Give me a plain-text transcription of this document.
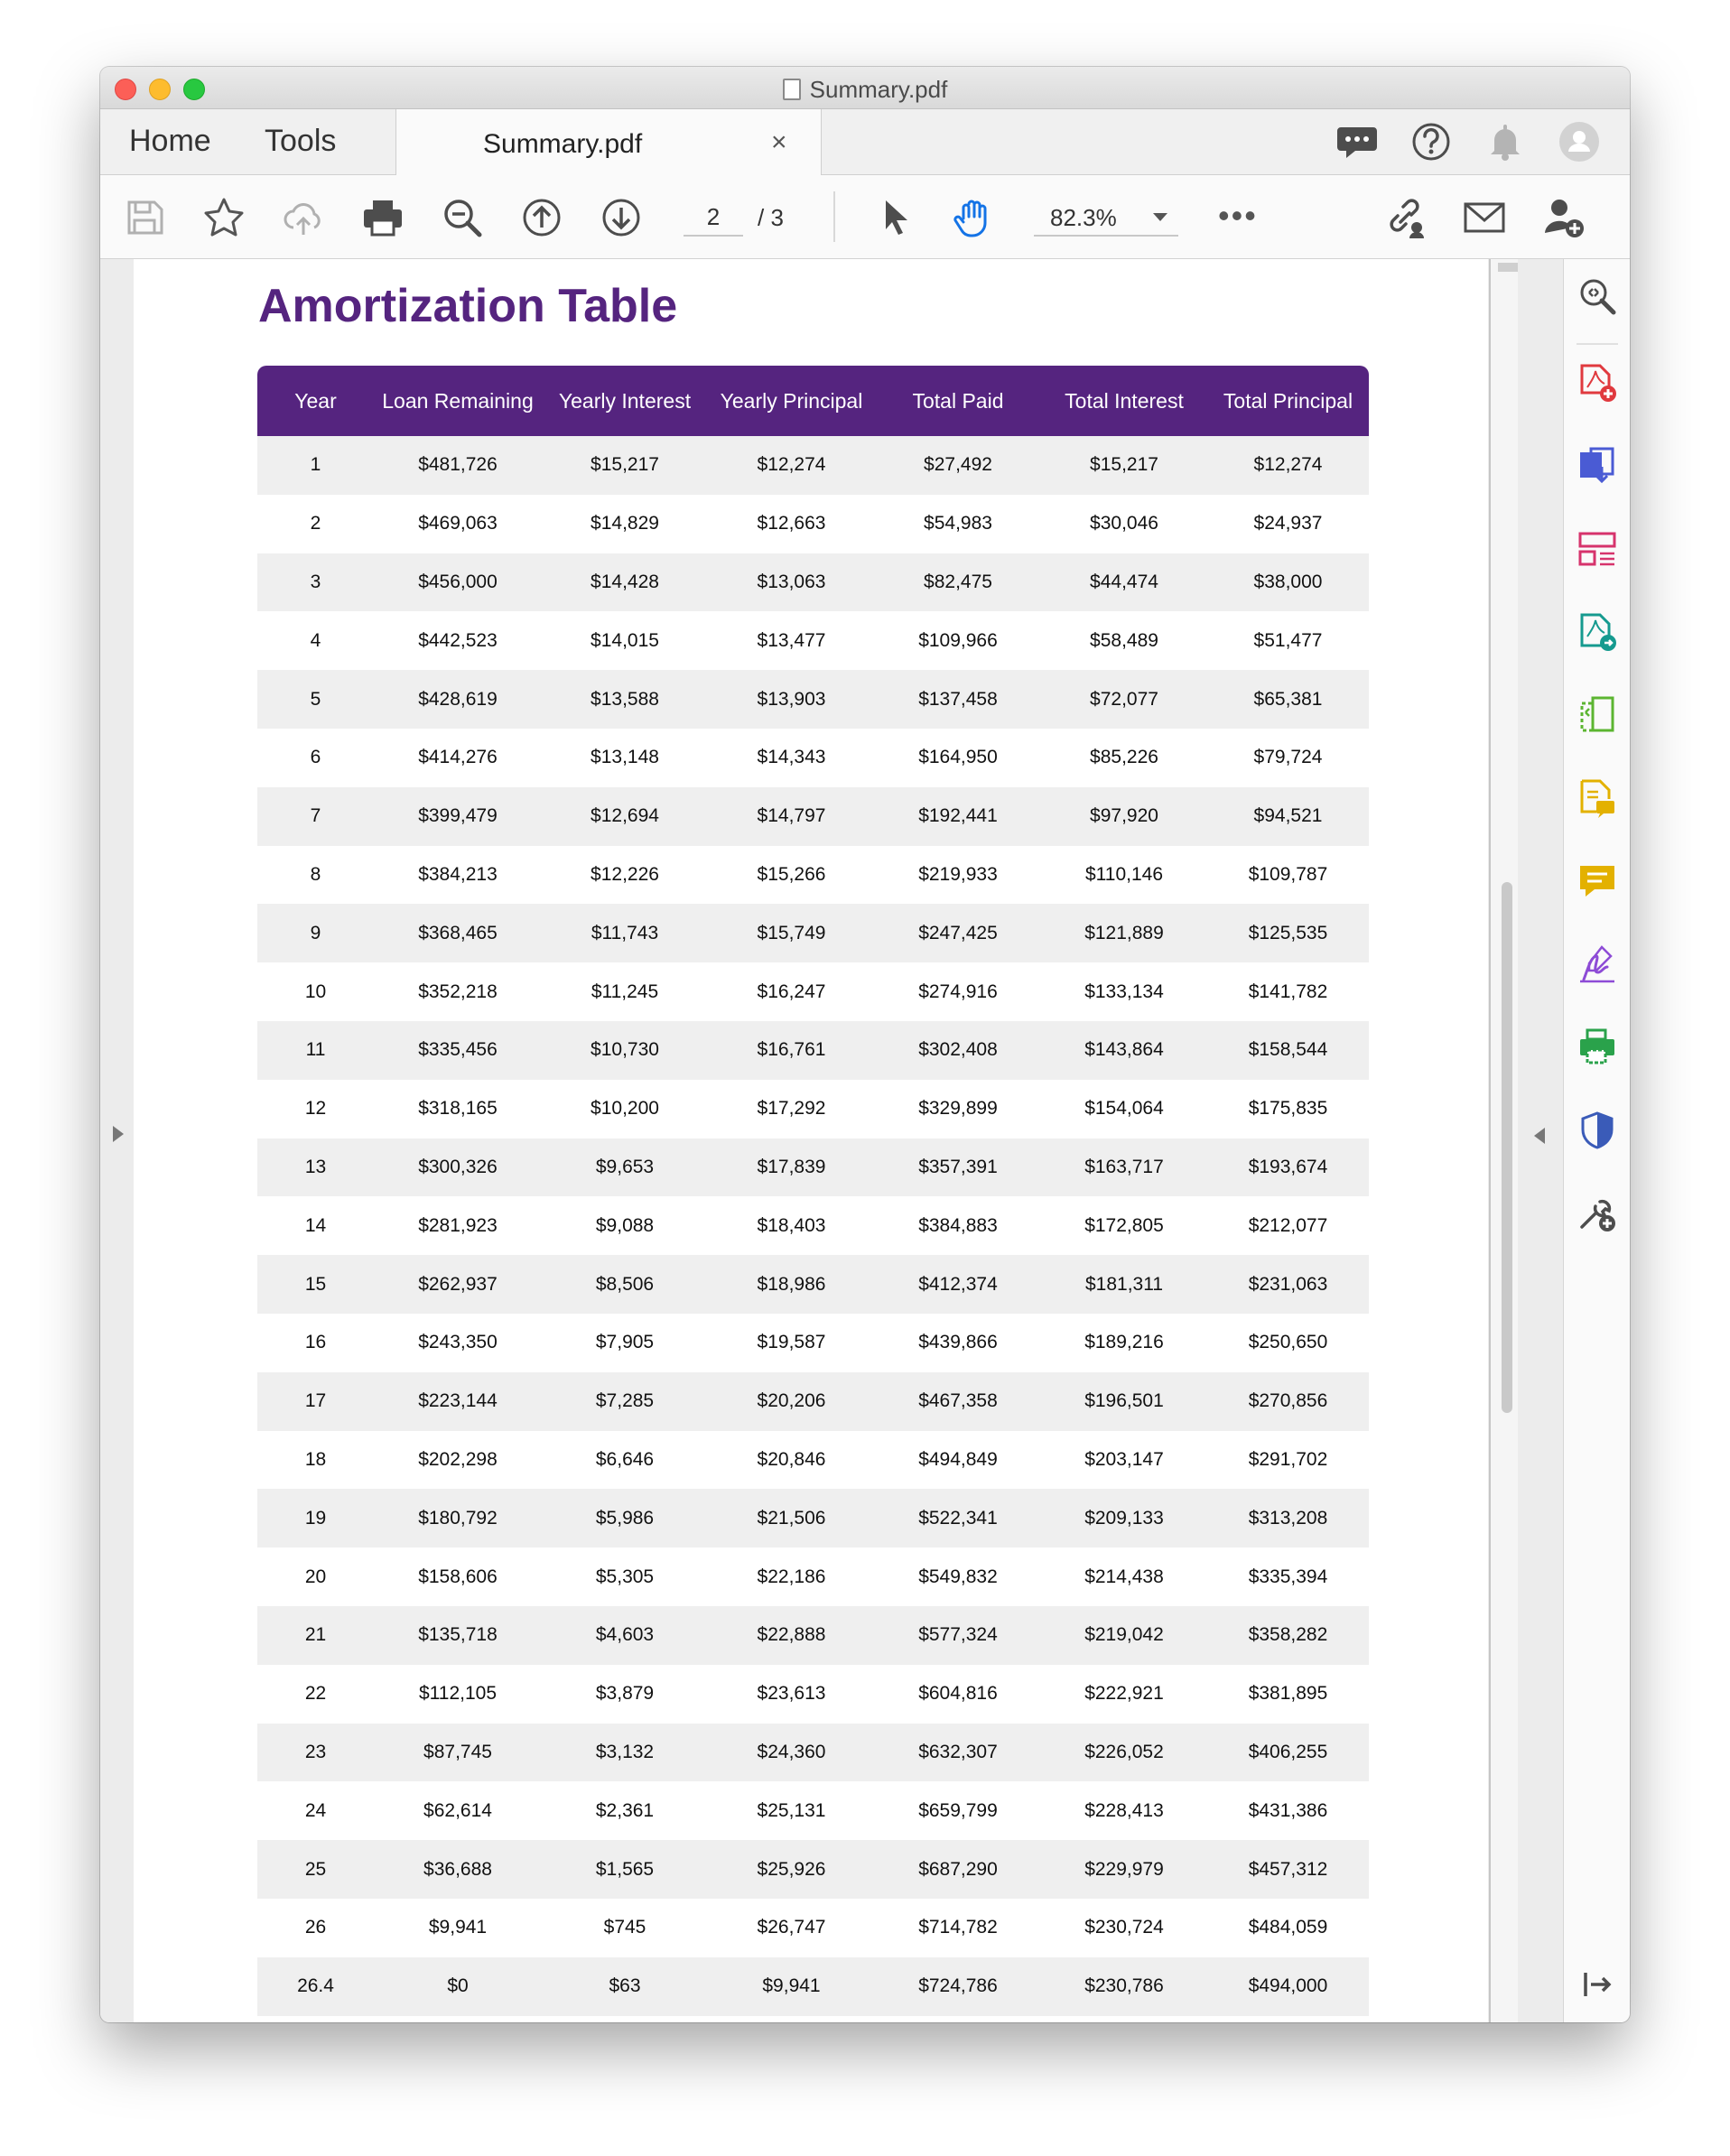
Summary.pdf
Home Tools	Summary.pdf	×
2	/ 3	82.3%	•••
Amortization Table
Year	Loan Remaining	Yearly Interest	Yearly Principal	Total Paid	Total Interest	Total Principal
1	$481,726	$15,217	$12,274	$27,492	$15,217	$12,274
2	$469,063	$14,829	$12,663	$54,983	$30,046	$24,937
3	$456,000	$14,428	$13,063	$82,475	$44,474	$38,000
4	$442,523	$14,015	$13,477	$109,966	$58,489	$51,477
5	$428,619	$13,588	$13,903	$137,458	$72,077	$65,381
6	$414,276	$13,148	$14,343	$164,950	$85,226	$79,724
7	$399,479	$12,694	$14,797	$192,441	$97,920	$94,521
8	$384,213	$12,226	$15,266	$219,933	$110,146	$109,787
9	$368,465	$11,743	$15,749	$247,425	$121,889	$125,535
10	$352,218	$11,245	$16,247	$274,916	$133,134	$141,782
11	$335,456	$10,730	$16,761	$302,408	$143,864	$158,544
12	$318,165	$10,200	$17,292	$329,899	$154,064	$175,835
13	$300,326	$9,653	$17,839	$357,391	$163,717	$193,674
14	$281,923	$9,088	$18,403	$384,883	$172,805	$212,077
15	$262,937	$8,506	$18,986	$412,374	$181,311	$231,063
16	$243,350	$7,905	$19,587	$439,866	$189,216	$250,650
17	$223,144	$7,285	$20,206	$467,358	$196,501	$270,856
18	$202,298	$6,646	$20,846	$494,849	$203,147	$291,702
19	$180,792	$5,986	$21,506	$522,341	$209,133	$313,208
20	$158,606	$5,305	$22,186	$549,832	$214,438	$335,394
21	$135,718	$4,603	$22,888	$577,324	$219,042	$358,282
22	$112,105	$3,879	$23,613	$604,816	$222,921	$381,895
23	$87,745	$3,132	$24,360	$632,307	$226,052	$406,255
24	$62,614	$2,361	$25,131	$659,799	$228,413	$431,386
25	$36,688	$1,565	$25,926	$687,290	$229,979	$457,312
26	$9,941	$745	$26,747	$714,782	$230,724	$484,059
26.4	$0	$63	$9,941	$724,786	$230,786	$494,000
